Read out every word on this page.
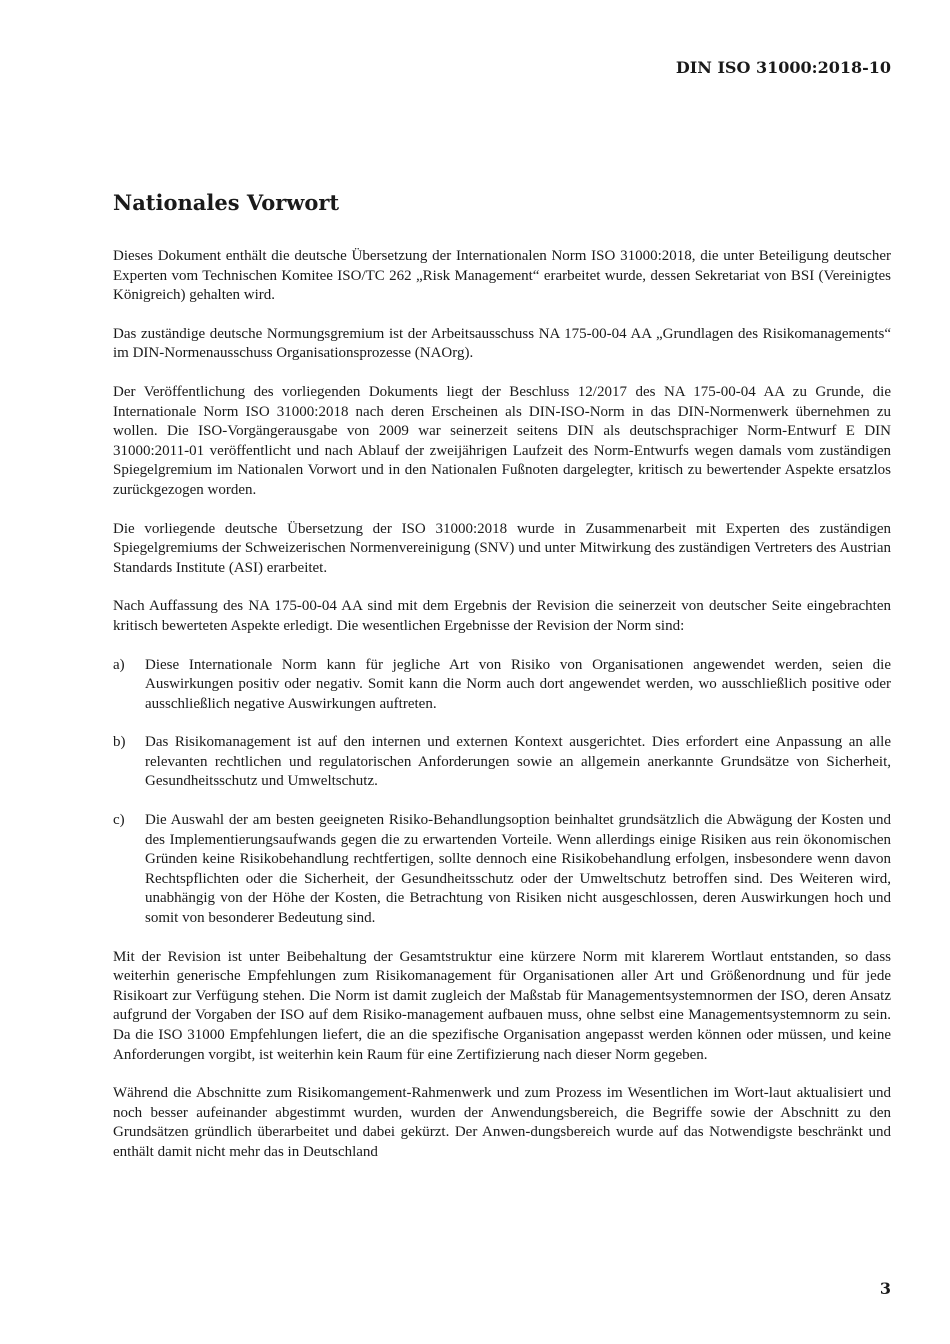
DIN ISO 31000:2018-10
Nationales Vorwort

Dieses Dokument enthält die deutsche Übersetzung der Internationalen Norm ISO 31000:2018, die unter Beteiligung deutscher Experten vom Technischen Komitee ISO/TC 262 „Risk Management“ erarbeitet wurde, dessen Sekretariat von BSI (Vereinigtes Königreich) gehalten wird.

Das zuständige deutsche Normungsgremium ist der Arbeitsausschuss NA 175-00-04 AA „Grundlagen des Risikomanagements“ im DIN-Normenausschuss Organisationsprozesse (NAOrg).

Der Veröffentlichung des vorliegenden Dokuments liegt der Beschluss 12/2017 des NA 175-00-04 AA zu Grunde, die Internationale Norm ISO 31000:2018 nach deren Erscheinen als DIN-ISO-Norm in das DIN-Normenwerk übernehmen zu wollen. Die ISO-Vorgängerausgabe von 2009 war seinerzeit seitens DIN als deutschsprachiger Norm-Entwurf E DIN 31000:2011-01 veröffentlicht und nach Ablauf der zweijährigen Laufzeit des Norm-Entwurfs wegen damals vom zuständigen Spiegelgremium im Nationalen Vorwort und in den Nationalen Fußnoten dargelegter, kritisch zu bewertender Aspekte ersatzlos zurückgezogen worden.

Die vorliegende deutsche Übersetzung der ISO 31000:2018 wurde in Zusammenarbeit mit Experten des zuständigen Spiegelgremiums der Schweizerischen Normenvereinigung (SNV) und unter Mitwirkung des zuständigen Vertreters des Austrian Standards Institute (ASI) erarbeitet.

Nach Auffassung des NA 175-00-04 AA sind mit dem Ergebnis der Revision die seinerzeit von deutscher Seite eingebrachten kritisch bewerteten Aspekte erledigt. Die wesentlichen Ergebnisse der Revision der Norm sind:

a)	Diese Internationale Norm kann für jegliche Art von Risiko von Organisationen angewendet werden, seien die Auswirkungen positiv oder negativ. Somit kann die Norm auch dort angewendet werden, wo ausschließlich positive oder ausschließlich negative Auswirkungen auftreten.

b)	Das Risikomanagement ist auf den internen und externen Kontext ausgerichtet. Dies erfordert eine Anpassung an alle relevanten rechtlichen und regulatorischen Anforderungen sowie an allgemein anerkannte Grundsätze von Sicherheit, Gesundheitsschutz und Umweltschutz.

c)	Die Auswahl der am besten geeigneten Risiko-Behandlungsoption beinhaltet grundsätzlich die Abwägung der Kosten und des Implementierungsaufwands gegen die zu erwartenden Vorteile. Wenn allerdings einige Risiken aus rein ökonomischen Gründen keine Risikobehandlung rechtfertigen, sollte dennoch eine Risikobehandlung erfolgen, insbesondere wenn davon Rechtspflichten oder die Sicherheit, der Gesundheitsschutz oder der Umweltschutz betroffen sind. Des Weiteren wird, unabhängig von der Höhe der Kosten, die Betrachtung von Risiken nicht ausgeschlossen, deren Auswirkungen hoch und somit von besonderer Bedeutung sind.

Mit der Revision ist unter Beibehaltung der Gesamtstruktur eine kürzere Norm mit klarerem Wortlaut entstanden, so dass weiterhin generische Empfehlungen zum Risikomanagement für Organisationen aller Art und Größenordnung und für jede Risikoart zur Verfügung stehen. Die Norm ist damit zugleich der Maßstab für Managementsystemnormen der ISO, deren Ansatz aufgrund der Vorgaben der ISO auf dem Risiko-management aufbauen muss, ohne selbst eine Managementsystemnorm zu sein. Da die ISO 31000 Empfehlungen liefert, die an die spezifische Organisation angepasst werden können oder müssen, und keine Anforderungen vorgibt, ist weiterhin kein Raum für eine Zertifizierung nach dieser Norm gegeben.

Während die Abschnitte zum Risikomangement-Rahmenwerk und zum Prozess im Wesentlichen im Wort-laut aktualisiert und noch besser aufeinander abgestimmt wurden, wurden der Anwendungsbereich, die Begriffe sowie der Abschnitt zu den Grundsätzen gründlich überarbeitet und dabei gekürzt. Der Anwen-dungsbereich wurde auf das Notwendigste beschränkt und enthält damit nicht mehr das in Deutschland

3
